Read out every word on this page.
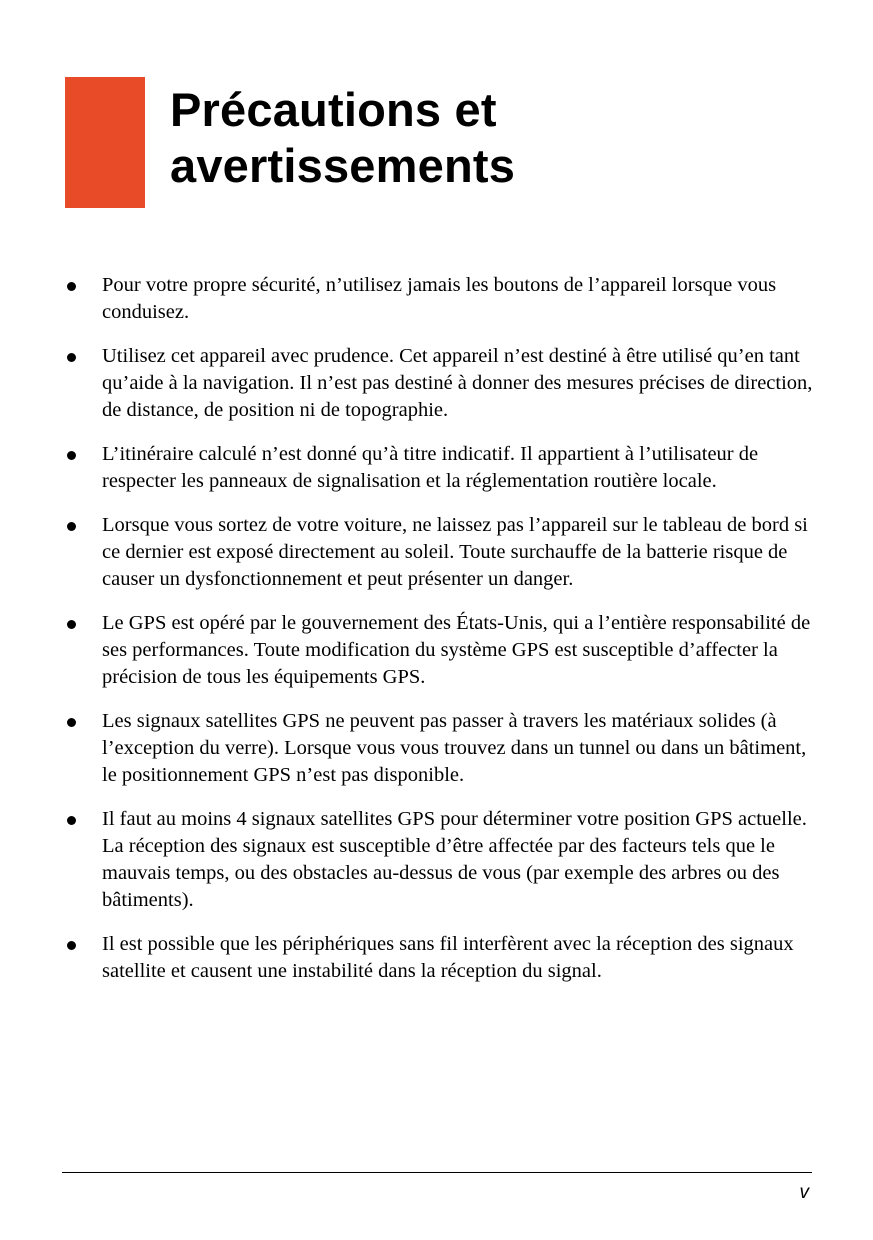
Précautions et
avertissements
Pour votre propre sécurité, n’utilisez jamais les boutons de l’appareil lorsque vous conduisez.
Utilisez cet appareil avec prudence. Cet appareil n’est destiné à être utilisé qu’en tant qu’aide à la navigation. Il n’est pas destiné à donner des mesures précises de direction, de distance, de position ni de topographie.
L’itinéraire calculé n’est donné qu’à titre indicatif. Il appartient à l’utilisateur de respecter les panneaux de signalisation et la réglementation routière locale.
Lorsque vous sortez de votre voiture, ne laissez pas l’appareil sur le tableau de bord si ce dernier est exposé directement au soleil. Toute surchauffe de la batterie risque de causer un dysfonctionnement et peut présenter un danger.
Le GPS est opéré par le gouvernement des États-Unis, qui a l’entière responsabilité de ses performances. Toute modification du système GPS est susceptible d’affecter la précision de tous les équipements GPS.
Les signaux satellites GPS ne peuvent pas passer à travers les matériaux solides (à l’exception du verre). Lorsque vous vous trouvez dans un tunnel ou dans un bâtiment, le positionnement GPS n’est pas disponible.
Il faut au moins 4 signaux satellites GPS pour déterminer votre position GPS actuelle. La réception des signaux est susceptible d’être affectée par des facteurs tels que le mauvais temps, ou des obstacles au-dessus de vous (par exemple des arbres ou des bâtiments).
Il est possible que les périphériques sans fil interfèrent avec la réception des signaux satellite et causent une instabilité dans la réception du signal.
v
